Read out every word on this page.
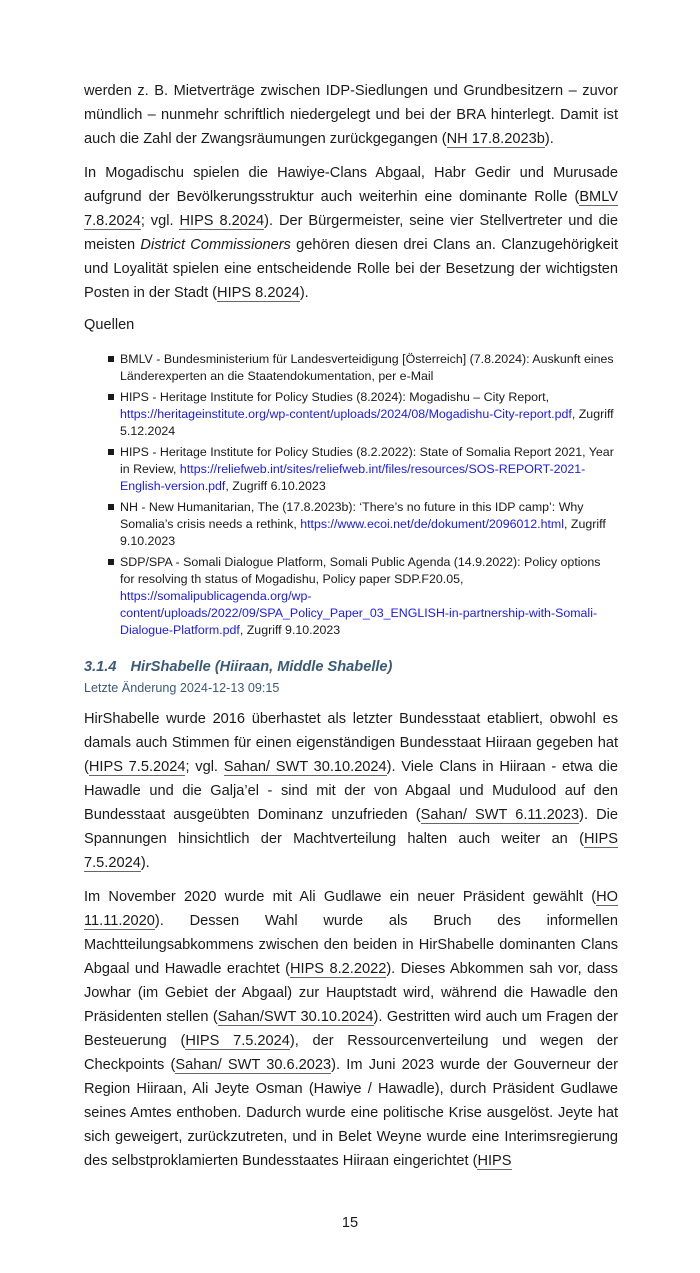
werden z. B. Mietverträge zwischen IDP-Siedlungen und Grundbesitzern – zuvor mündlich – nunmehr schriftlich niedergelegt und bei der BRA hinterlegt. Damit ist auch die Zahl der Zwangsräumungen zurückgegangen (NH 17.8.2023b).

In Mogadischu spielen die Hawiye-Clans Abgaal, Habr Gedir und Murusade aufgrund der Bevölkerungsstruktur auch weiterhin eine dominante Rolle (BMLV 7.8.2024; vgl. HIPS 8.2024). Der Bürgermeister, seine vier Stellvertreter und die meisten District Commissioners gehören diesen drei Clans an. Clanzugehörigkeit und Loyalität spielen eine entscheidende Rolle bei der Besetzung der wichtigsten Posten in der Stadt (HIPS 8.2024).

Quellen
BMLV - Bundesministerium für Landesverteidigung [Österreich] (7.8.2024): Auskunft eines Länderexperten an die Staatendokumentation, per e-Mail
HIPS - Heritage Institute for Policy Studies (8.2024): Mogadishu – City Report, https://heritageinstitute.org/wp-content/uploads/2024/08/Mogadishu-City-report.pdf, Zugriff 5.12.2024
HIPS - Heritage Institute for Policy Studies (8.2.2022): State of Somalia Report 2021, Year in Review, https://reliefweb.int/sites/reliefweb.int/files/resources/SOS-REPORT-2021-English-version.pdf, Zugriff 6.10.2023
NH - New Humanitarian, The (17.8.2023b): ‘There’s no future in this IDP camp’: Why Somalia’s crisis needs a rethink, https://www.ecoi.net/de/dokument/2096012.html, Zugriff 9.10.2023
SDP/SPA - Somali Dialogue Platform, Somali Public Agenda (14.9.2022): Policy options for resolving th status of Mogadishu, Policy paper SDP.F20.05, https://somalipublicagenda.org/wp-content/uploads/2022/09/SPA_Policy_Paper_03_ENGLISH-in-partnership-with-Somali-Dialogue-Platform.pdf, Zugriff 9.10.2023
3.1.4 HirShabelle (Hiiraan, Middle Shabelle)
Letzte Änderung 2024-12-13 09:15

HirShabelle wurde 2016 überhastet als letzter Bundesstaat etabliert, obwohl es damals auch Stimmen für einen eigenständigen Bundesstaat Hiiraan gegeben hat (HIPS 7.5.2024; vgl. Sahan/ SWT 30.10.2024). Viele Clans in Hiiraan - etwa die Hawadle und die Galja’el - sind mit der von Abgaal und Mudulood auf den Bundesstaat ausgeübten Dominanz unzufrieden (Sahan/ SWT 6.11.2023). Die Spannungen hinsichtlich der Machtverteilung halten auch weiter an (HIPS 7.5.2024).

Im November 2020 wurde mit Ali Gudlawe ein neuer Präsident gewählt (HO 11.11.2020). Dessen Wahl wurde als Bruch des informellen Machtteilungsabkommens zwischen den beiden in HirShabelle dominanten Clans Abgaal und Hawadle erachtet (HIPS 8.2.2022). Dieses Abkommen sah vor, dass Jowhar (im Gebiet der Abgaal) zur Hauptstadt wird, während die Hawadle den Präsidenten stellen (Sahan/SWT 30.10.2024). Gestritten wird auch um Fragen der Besteuerung (HIPS 7.5.2024), der Ressourcenverteilung und wegen der Checkpoints (Sahan/ SWT 30.6.2023). Im Juni 2023 wurde der Gouverneur der Region Hiiraan, Ali Jeyte Osman (Hawiye / Hawadle), durch Präsident Gudlawe seines Amtes enthoben. Dadurch wurde eine politische Krise ausgelöst. Jeyte hat sich geweigert, zurückzutreten, und in Belet Weyne wurde eine Interimsregierung des selbstproklamierten Bundesstaates Hiiraan eingerichtet (HIPS

15
